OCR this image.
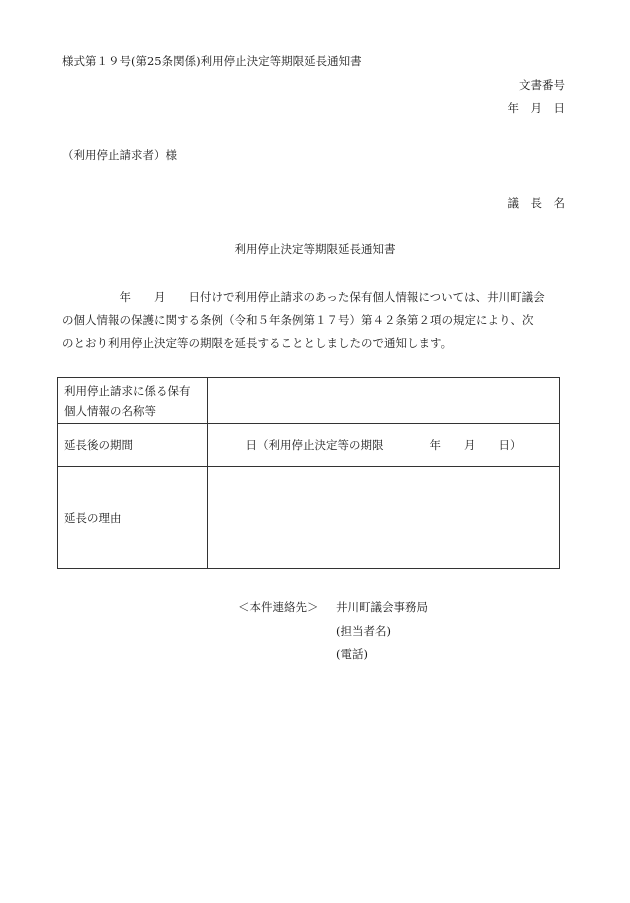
様式第１９号(第25条関係)利用停止決定等期限延長通知書
文書番号
年　月　日
（利用停止請求者）様
議　長　名
利用停止決定等期限延長通知書
　　　　　年　　月　　日付けで利用停止請求のあった保有個人情報については、井川町議会
の個人情報の保護に関する条例（令和５年条例第１７号）第４２条第２項の規定により、次
のとおり利用停止決定等の期限を延長することとしましたので通知します。
利用停止請求に係る保有
個人情報の名称等	

延長後の期間	日（利用停止決定等の期限　　　　年　　月　　日）
延長の理由	
＜本件連絡先＞ 井川町議会事務局
(担当者名)
(電話)
